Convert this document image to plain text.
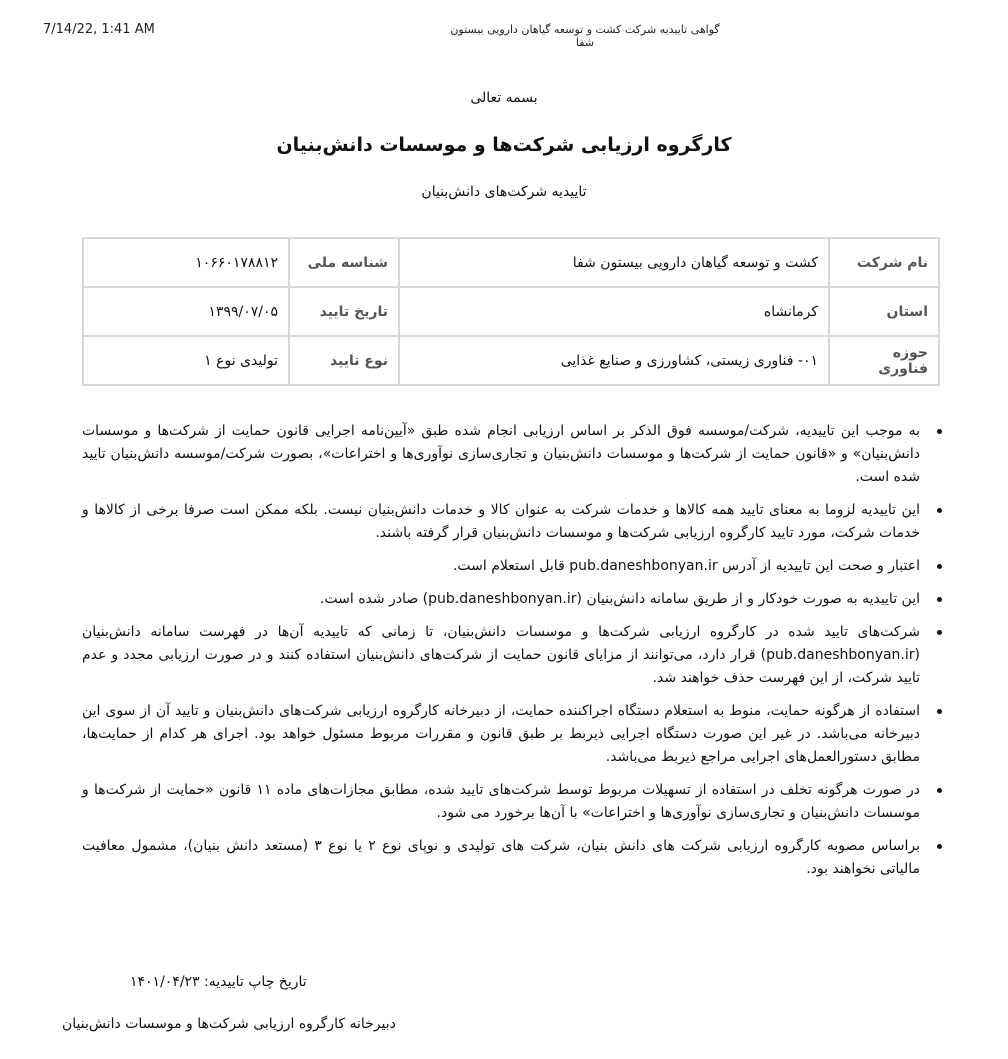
7/14/22, 1:41 AM	گواهی تاییدیه شرکت کشت و توسعه گیاهان دارویی بیستون شفا
بسمه تعالی
کارگروه ارزیابی شرکت‌ها و موسسات دانش‌بنیان
تاییدیه شرکت‌های دانش‌بنیان
نام شرکت	کشت و توسعه گیاهان دارویی بیستون شفا	شناسه ملی	۱۰۶۶۰۱۷۸۸۱۲
استان	کرمانشاه	تاریخ تایید	۱۳۹۹/۰۷/۰۵
حوزه فناوری	۰۱- فناوری زیستی، کشاورزی و صنایع غذایی	نوع تایید	تولیدی نوع ۱
به موجب این تاییدیه، شرکت/موسسه فوق الذکر بر اساس ارزیابی انجام شده طبق «آیین‌نامه اجرایی قانون حمایت از شرکت‌ها و موسسات دانش‌بنیان» و «قانون حمایت از شرکت‌ها و موسسات دانش‌بنیان و تجاری‌سازی نوآوری‌ها و اختراعات»، بصورت شرکت/موسسه دانش‌بنیان تایید شده است.
این تاییدیه لزوما به معنای تایید همه کالاها و خدمات شرکت به عنوان کالا و خدمات دانش‌بنیان نیست. بلکه ممکن است صرفا برخی از کالاها و خدمات شرکت، مورد تایید کارگروه ارزیابی شرکت‌ها و موسسات دانش‌بنیان قرار گرفته باشند.
اعتبار و صحت این تاییدیه از آدرس pub.daneshbonyan.ir قابل استعلام است.
این تاییدیه به صورت خودکار و از طریق سامانه دانش‌بنیان (pub.daneshbonyan.ir) صادر شده است.
شرکت‌های تایید شده در کارگروه ارزیابی شرکت‌ها و موسسات دانش‌بنیان، تا زمانی که تاییدیه آن‌ها در فهرست سامانه دانش‌بنیان (pub.daneshbonyan.ir) قرار دارد، می‌توانند از مزایای قانون حمایت از شرکت‌های دانش‌بنیان استفاده کنند و در صورت ارزیابی مجدد و عدم تایید شرکت، از این فهرست حذف خواهند شد.
استفاده از هرگونه حمایت، منوط به استعلام دستگاه اجراکننده حمایت، از دبیرخانه کارگروه ارزیابی شرکت‌های دانش‌بنیان و تایید آن از سوی این دبیرخانه می‌باشد. در غیر این صورت دستگاه اجرایی ذیربط بر طبق قانون و مقررات مربوط مسئول خواهد بود. اجرای هر کدام از حمایت‌ها، مطابق دستورالعمل‌های اجرایی مراجع ذیربط می‌باشد.
در صورت هرگونه تخلف در استفاده از تسهیلات مربوط توسط شرکت‌های تایید شده، مطابق مجازات‌های ماده ۱۱ قانون «حمایت از شرکت‌ها و موسسات دانش‌بنیان و تجاری‌سازی نوآوری‌ها و اختراعات» با آن‌ها برخورد می شود.
براساس مصوبه کارگروه ارزیابی شرکت های دانش بنیان، شرکت های تولیدی و نوپای نوع ۲ یا نوع ۳ (مستعد دانش بنیان)، مشمول معافیت مالیاتی نخواهند بود.
تاریخ چاپ تاییدیه: ۱۴۰۱/۰۴/۲۳
دبیرخانه کارگروه ارزیابی شرکت‌ها و موسسات دانش‌بنیان
